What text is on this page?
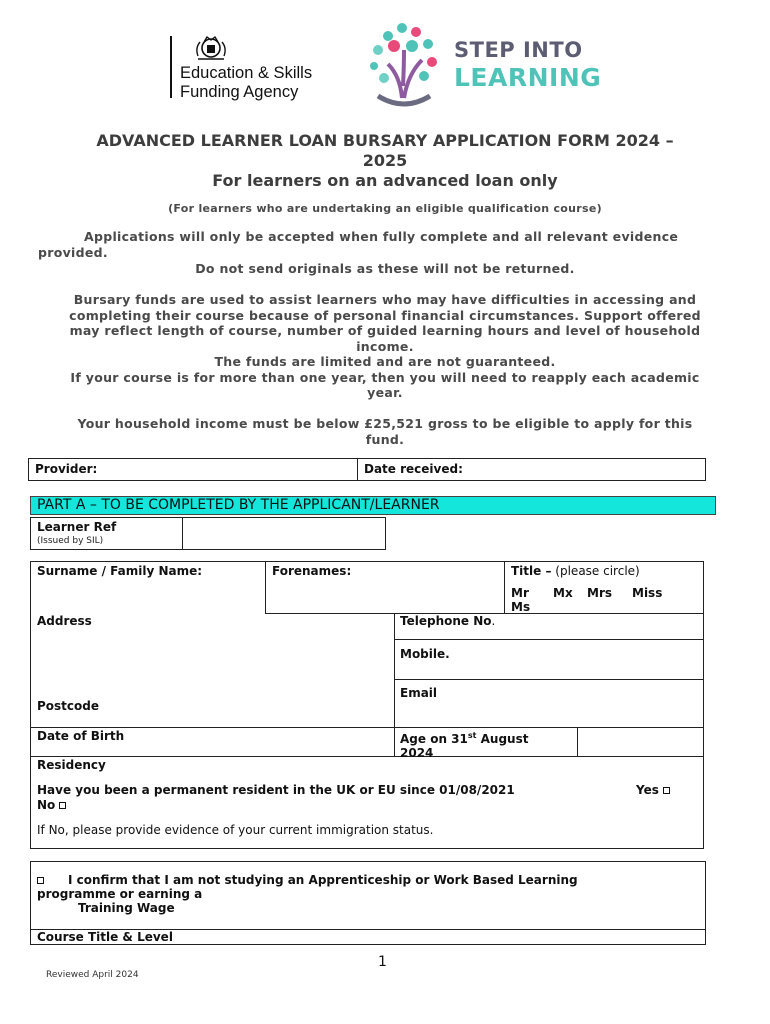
Education & Skills
Funding Agency
STEP INTO
LEARNING
ADVANCED LEARNER LOAN BURSARY APPLICATION FORM 2024 –
2025
For learners on an advanced loan only
(For learners who are undertaking an eligible qualification course)
Applications will only be accepted when fully complete and all relevant evidence
provided.
Do not send originals as these will not be returned.
Bursary funds are used to assist learners who may have difficulties in accessing and
completing their course because of personal financial circumstances. Support offered
may reflect length of course, number of guided learning hours and level of household
income.
The funds are limited and are not guaranteed.
If your course is for more than one year, then you will need to reapply each academic
year.
Your household income must be below £25,521 gross to be eligible to apply for this
fund.
Provider:	Date received:
PART A – TO BE COMPLETED BY THE APPLICANT/LEARNER
Learner Ref
(Issued by SIL)
Surname / Family Name:	Forenames:	Title – (please circle)
Mr Mx Mrs Miss
Ms
Address	Telephone No.
Mobile.
Email
Postcode
Date of Birth	Age on 31st August
2024
Residency
Have you been a permanent resident in the UK or EU since 01/08/2021	Yes
No
If No, please provide evidence of your current immigration status.
I confirm that I am not studying an Apprenticeship or Work Based Learning
programme or earning a
Training Wage
Course Title & Level
1
Reviewed April 2024
